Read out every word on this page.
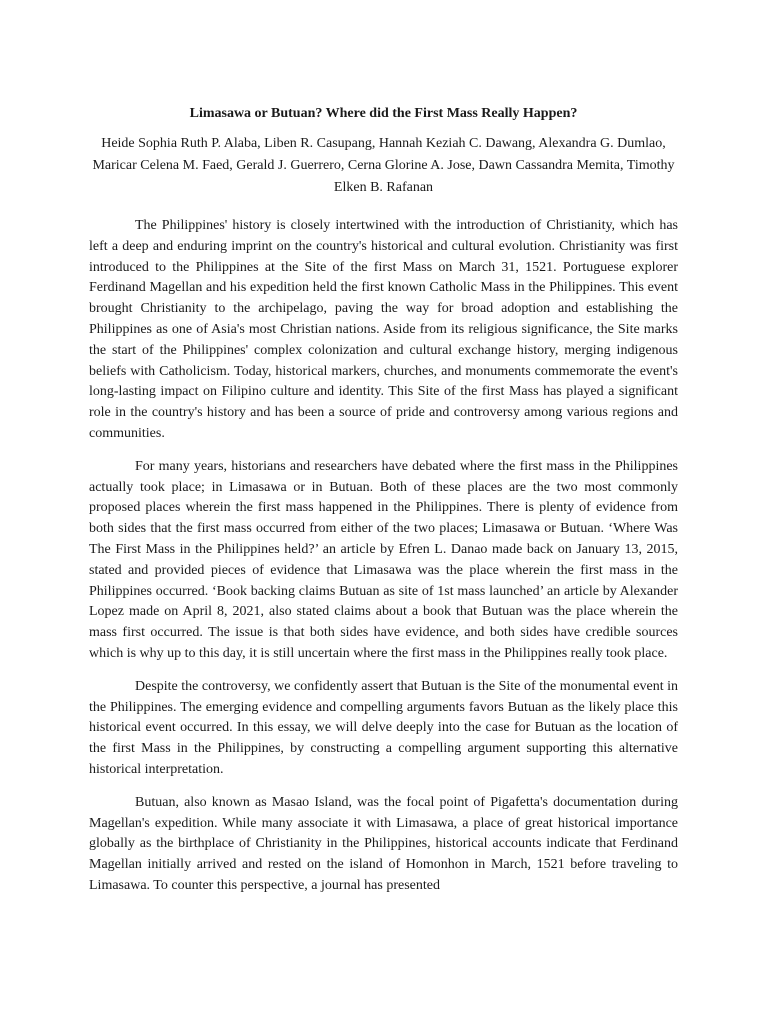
Limasawa or Butuan? Where did the First Mass Really Happen?

Heide Sophia Ruth P. Alaba, Liben R. Casupang, Hannah Keziah C. Dawang, Alexandra G. Dumlao, Maricar Celena M. Faed, Gerald J. Guerrero, Cerna Glorine A. Jose, Dawn Cassandra Memita, Timothy Elken B. Rafanan

The Philippines' history is closely intertwined with the introduction of Christianity, which has left a deep and enduring imprint on the country's historical and cultural evolution. Christianity was first introduced to the Philippines at the Site of the first Mass on March 31, 1521. Portuguese explorer Ferdinand Magellan and his expedition held the first known Catholic Mass in the Philippines. This event brought Christianity to the archipelago, paving the way for broad adoption and establishing the Philippines as one of Asia's most Christian nations. Aside from its religious significance, the Site marks the start of the Philippines' complex colonization and cultural exchange history, merging indigenous beliefs with Catholicism. Today, historical markers, churches, and monuments commemorate the event's long-lasting impact on Filipino culture and identity. This Site of the first Mass has played a significant role in the country's history and has been a source of pride and controversy among various regions and communities.

For many years, historians and researchers have debated where the first mass in the Philippines actually took place; in Limasawa or in Butuan. Both of these places are the two most commonly proposed places wherein the first mass happened in the Philippines. There is plenty of evidence from both sides that the first mass occurred from either of the two places; Limasawa or Butuan. ‘Where Was The First Mass in the Philippines held?’ an article by Efren L. Danao made back on January 13, 2015, stated and provided pieces of evidence that Limasawa was the place wherein the first mass in the Philippines occurred. ‘Book backing claims Butuan as site of 1st mass launched’ an article by Alexander Lopez made on April 8, 2021, also stated claims about a book that Butuan was the place wherein the mass first occurred. The issue is that both sides have evidence, and both sides have credible sources which is why up to this day, it is still uncertain where the first mass in the Philippines really took place.

Despite the controversy, we confidently assert that Butuan is the Site of the monumental event in the Philippines. The emerging evidence and compelling arguments favors Butuan as the likely place this historical event occurred. In this essay, we will delve deeply into the case for Butuan as the location of the first Mass in the Philippines, by constructing a compelling argument supporting this alternative historical interpretation.

Butuan, also known as Masao Island, was the focal point of Pigafetta's documentation during Magellan's expedition. While many associate it with Limasawa, a place of great historical importance globally as the birthplace of Christianity in the Philippines, historical accounts indicate that Ferdinand Magellan initially arrived and rested on the island of Homonhon in March, 1521 before traveling to Limasawa. To counter this perspective, a journal has presented
